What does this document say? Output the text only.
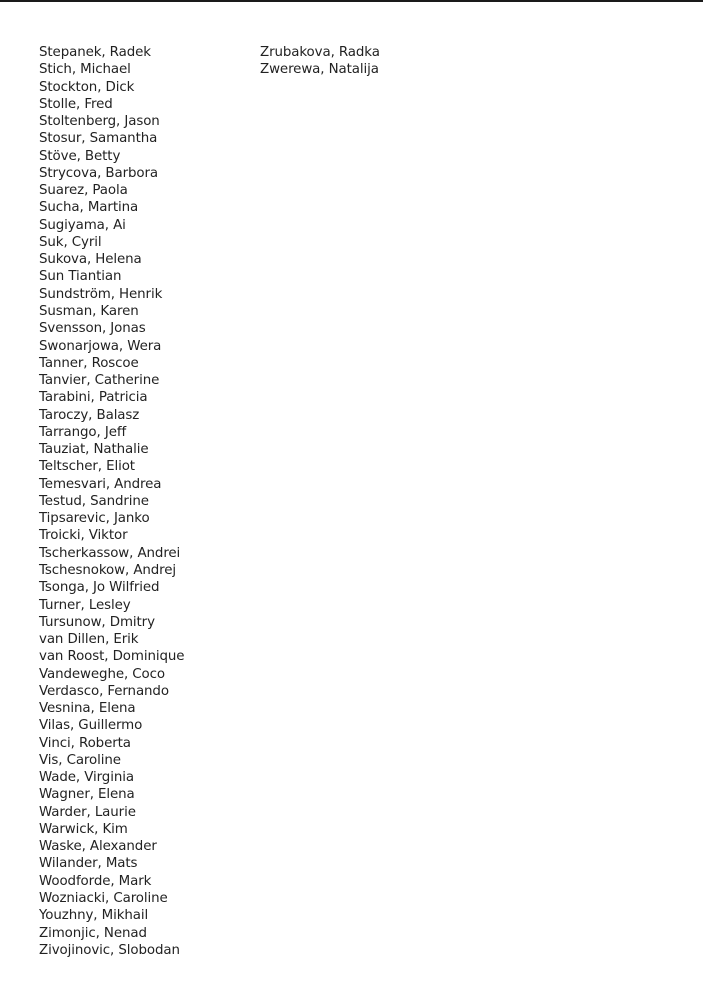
Stepanek, Radek
Stich, Michael
Stockton, Dick
Stolle, Fred
Stoltenberg, Jason
Stosur, Samantha
Stöve, Betty
Strycova, Barbora
Suarez, Paola
Sucha, Martina
Sugiyama, Ai
Suk, Cyril
Sukova, Helena
Sun Tiantian
Sundström, Henrik
Susman, Karen
Svensson, Jonas
Swonarjowa, Wera
Tanner, Roscoe
Tanvier, Catherine
Tarabini, Patricia
Taroczy, Balasz
Tarrango, Jeff
Tauziat, Nathalie
Teltscher, Eliot
Temesvari, Andrea
Testud, Sandrine
Tipsarevic, Janko
Troicki, Viktor
Tscherkassow, Andrei
Tschesnokow, Andrej
Tsonga, Jo Wilfried
Turner, Lesley
Tursunow, Dmitry
van Dillen, Erik
van Roost, Dominique
Vandeweghe, Coco
Verdasco, Fernando
Vesnina, Elena
Vilas, Guillermo
Vinci, Roberta
Vis, Caroline
Wade, Virginia
Wagner, Elena
Warder, Laurie
Warwick, Kim
Waske, Alexander
Wilander, Mats
Woodforde, Mark
Wozniacki, Caroline
Youzhny, Mikhail
Zimonjic, Nenad
Zivojinovic, Slobodan
Zrubakova, Radka
Zwerewa, Natalija
